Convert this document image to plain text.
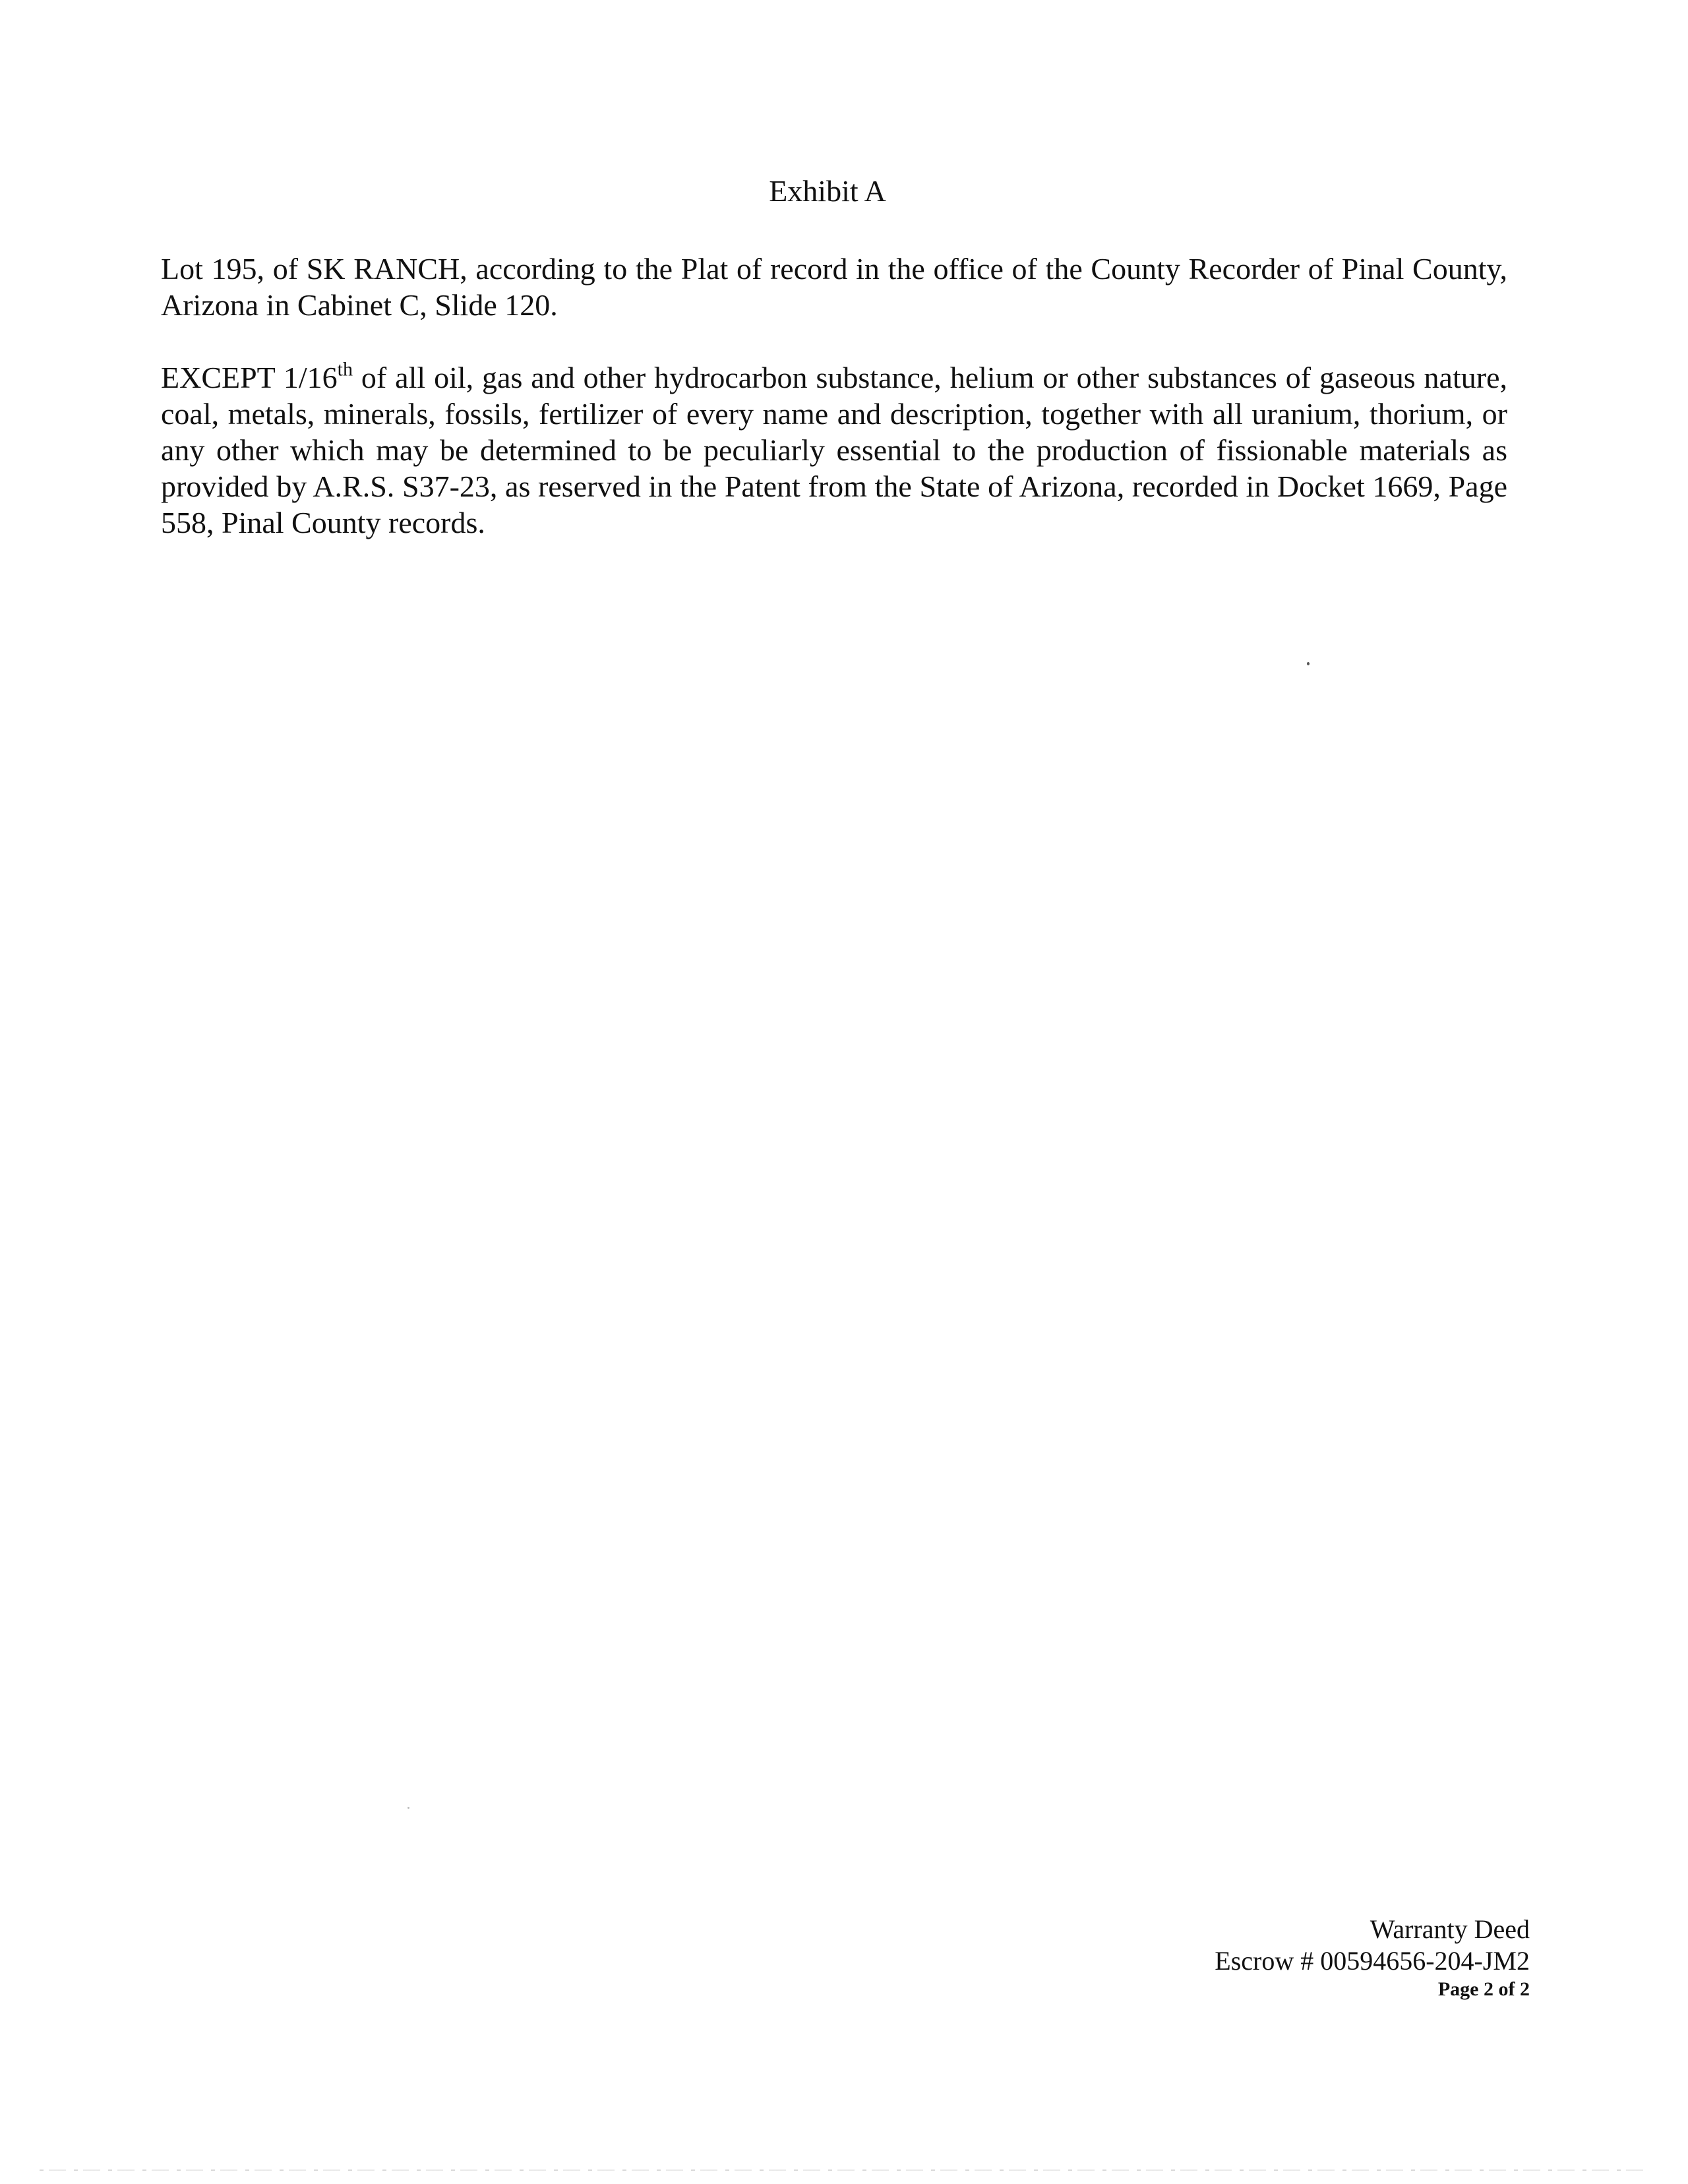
Exhibit A
Lot 195, of SK RANCH, according to the Plat of record in the office of the County Recorder of Pinal County, Arizona in Cabinet C, Slide 120.
EXCEPT 1/16th of all oil, gas and other hydrocarbon substance, helium or other substances of gaseous nature, coal, metals, minerals, fossils, fertilizer of every name and description, together with all uranium, thorium, or any other which may be determined to be peculiarly essential to the production of fissionable materials as provided by A.R.S. S37-23, as reserved in the Patent from the State of Arizona, recorded in Docket 1669, Page 558, Pinal County records.
Warranty Deed
Escrow # 00594656-204-JM2
Page 2 of 2
